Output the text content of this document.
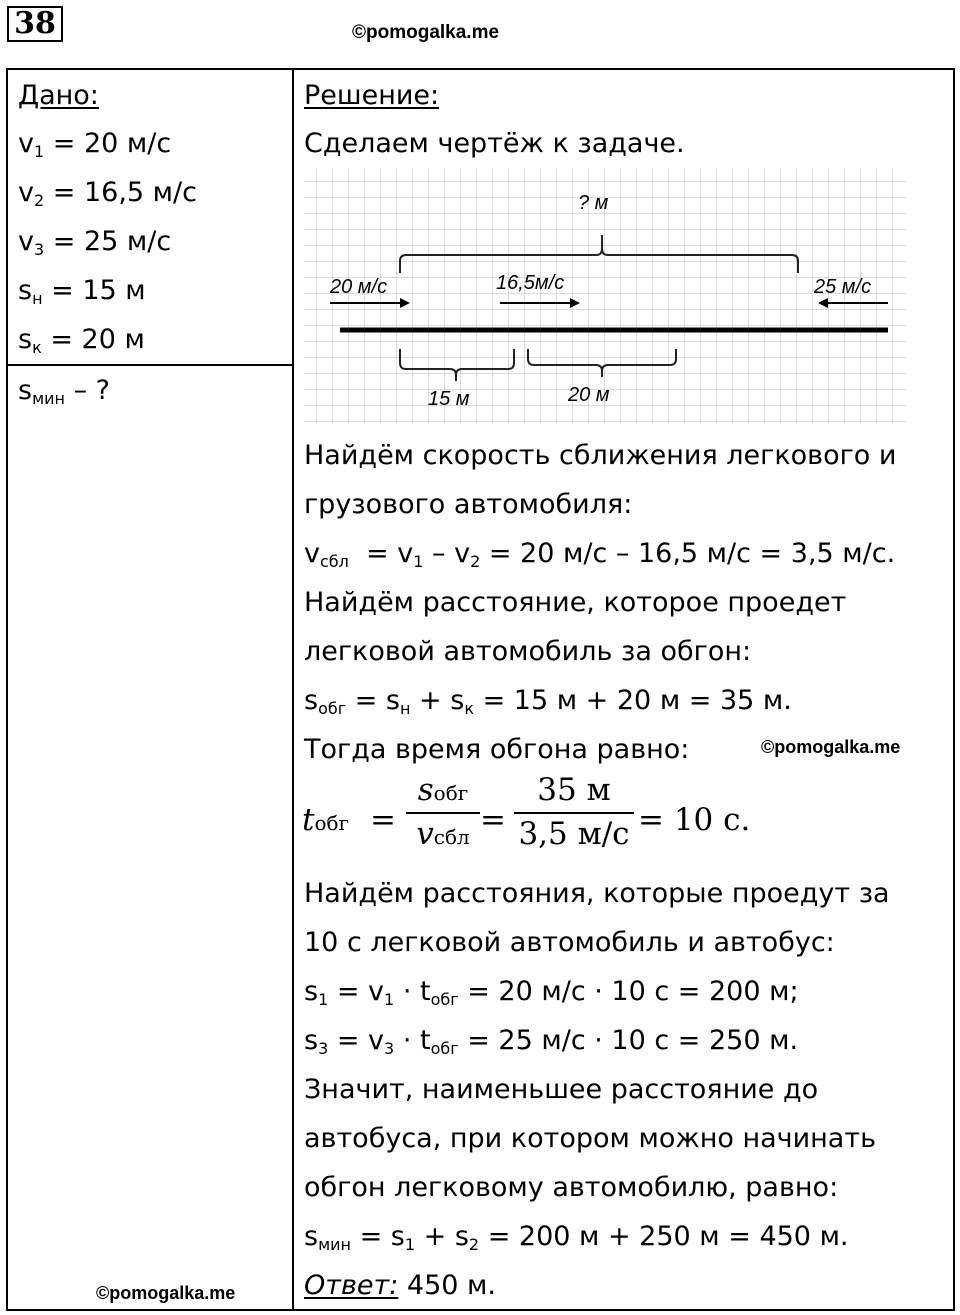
38	©pomogalka.me
Дано:
$v_1 = 20$ м/с
$v_2 = 16,5$ м/с
$v_3 = 25$ м/с
$s_н = 15$ м
$s_к = 20$ м
$s_{мин}$ – ?
Решение:
Сделаем чертёж к задаче.
Найдём скорость сближения легкового и
грузового автомобиля:
$v_{сбл} = v_1 - v_2 = 20$ м/с – 16,5 м/с = 3,5 м/с.
Найдём расстояние, которое проедет
легковой автомобиль за обгон:
$s_{обг} = s_н + s_к = 15$ м + 20 м = 35 м.
Тогда время обгона равно:	©pomogalka.me
tобг =
sобг
vсбл =
35 м
3,5 м/с = 10 с.
Найдём расстояния, которые проедут за
10 с легковой автомобиль и автобус:
$s_1 = v_1 \cdot t_{обг} = 20$ м/с · 10 с = 200 м;
$s_3 = v_3 \cdot t_{обг} = 25$ м/с · 10 с = 250 м.
Значит, наименьшее расстояние до
автобуса, при котором можно начинать
обгон легковому автомобилю, равно:
$s_{мин} = s_1 + s_2 = 200$ м + 250 м = 450 м.
Ответ: 450 м.
©pomogalka.me
? м
20 м/с	16,5м/с	25 м/с
15 м	20 м
